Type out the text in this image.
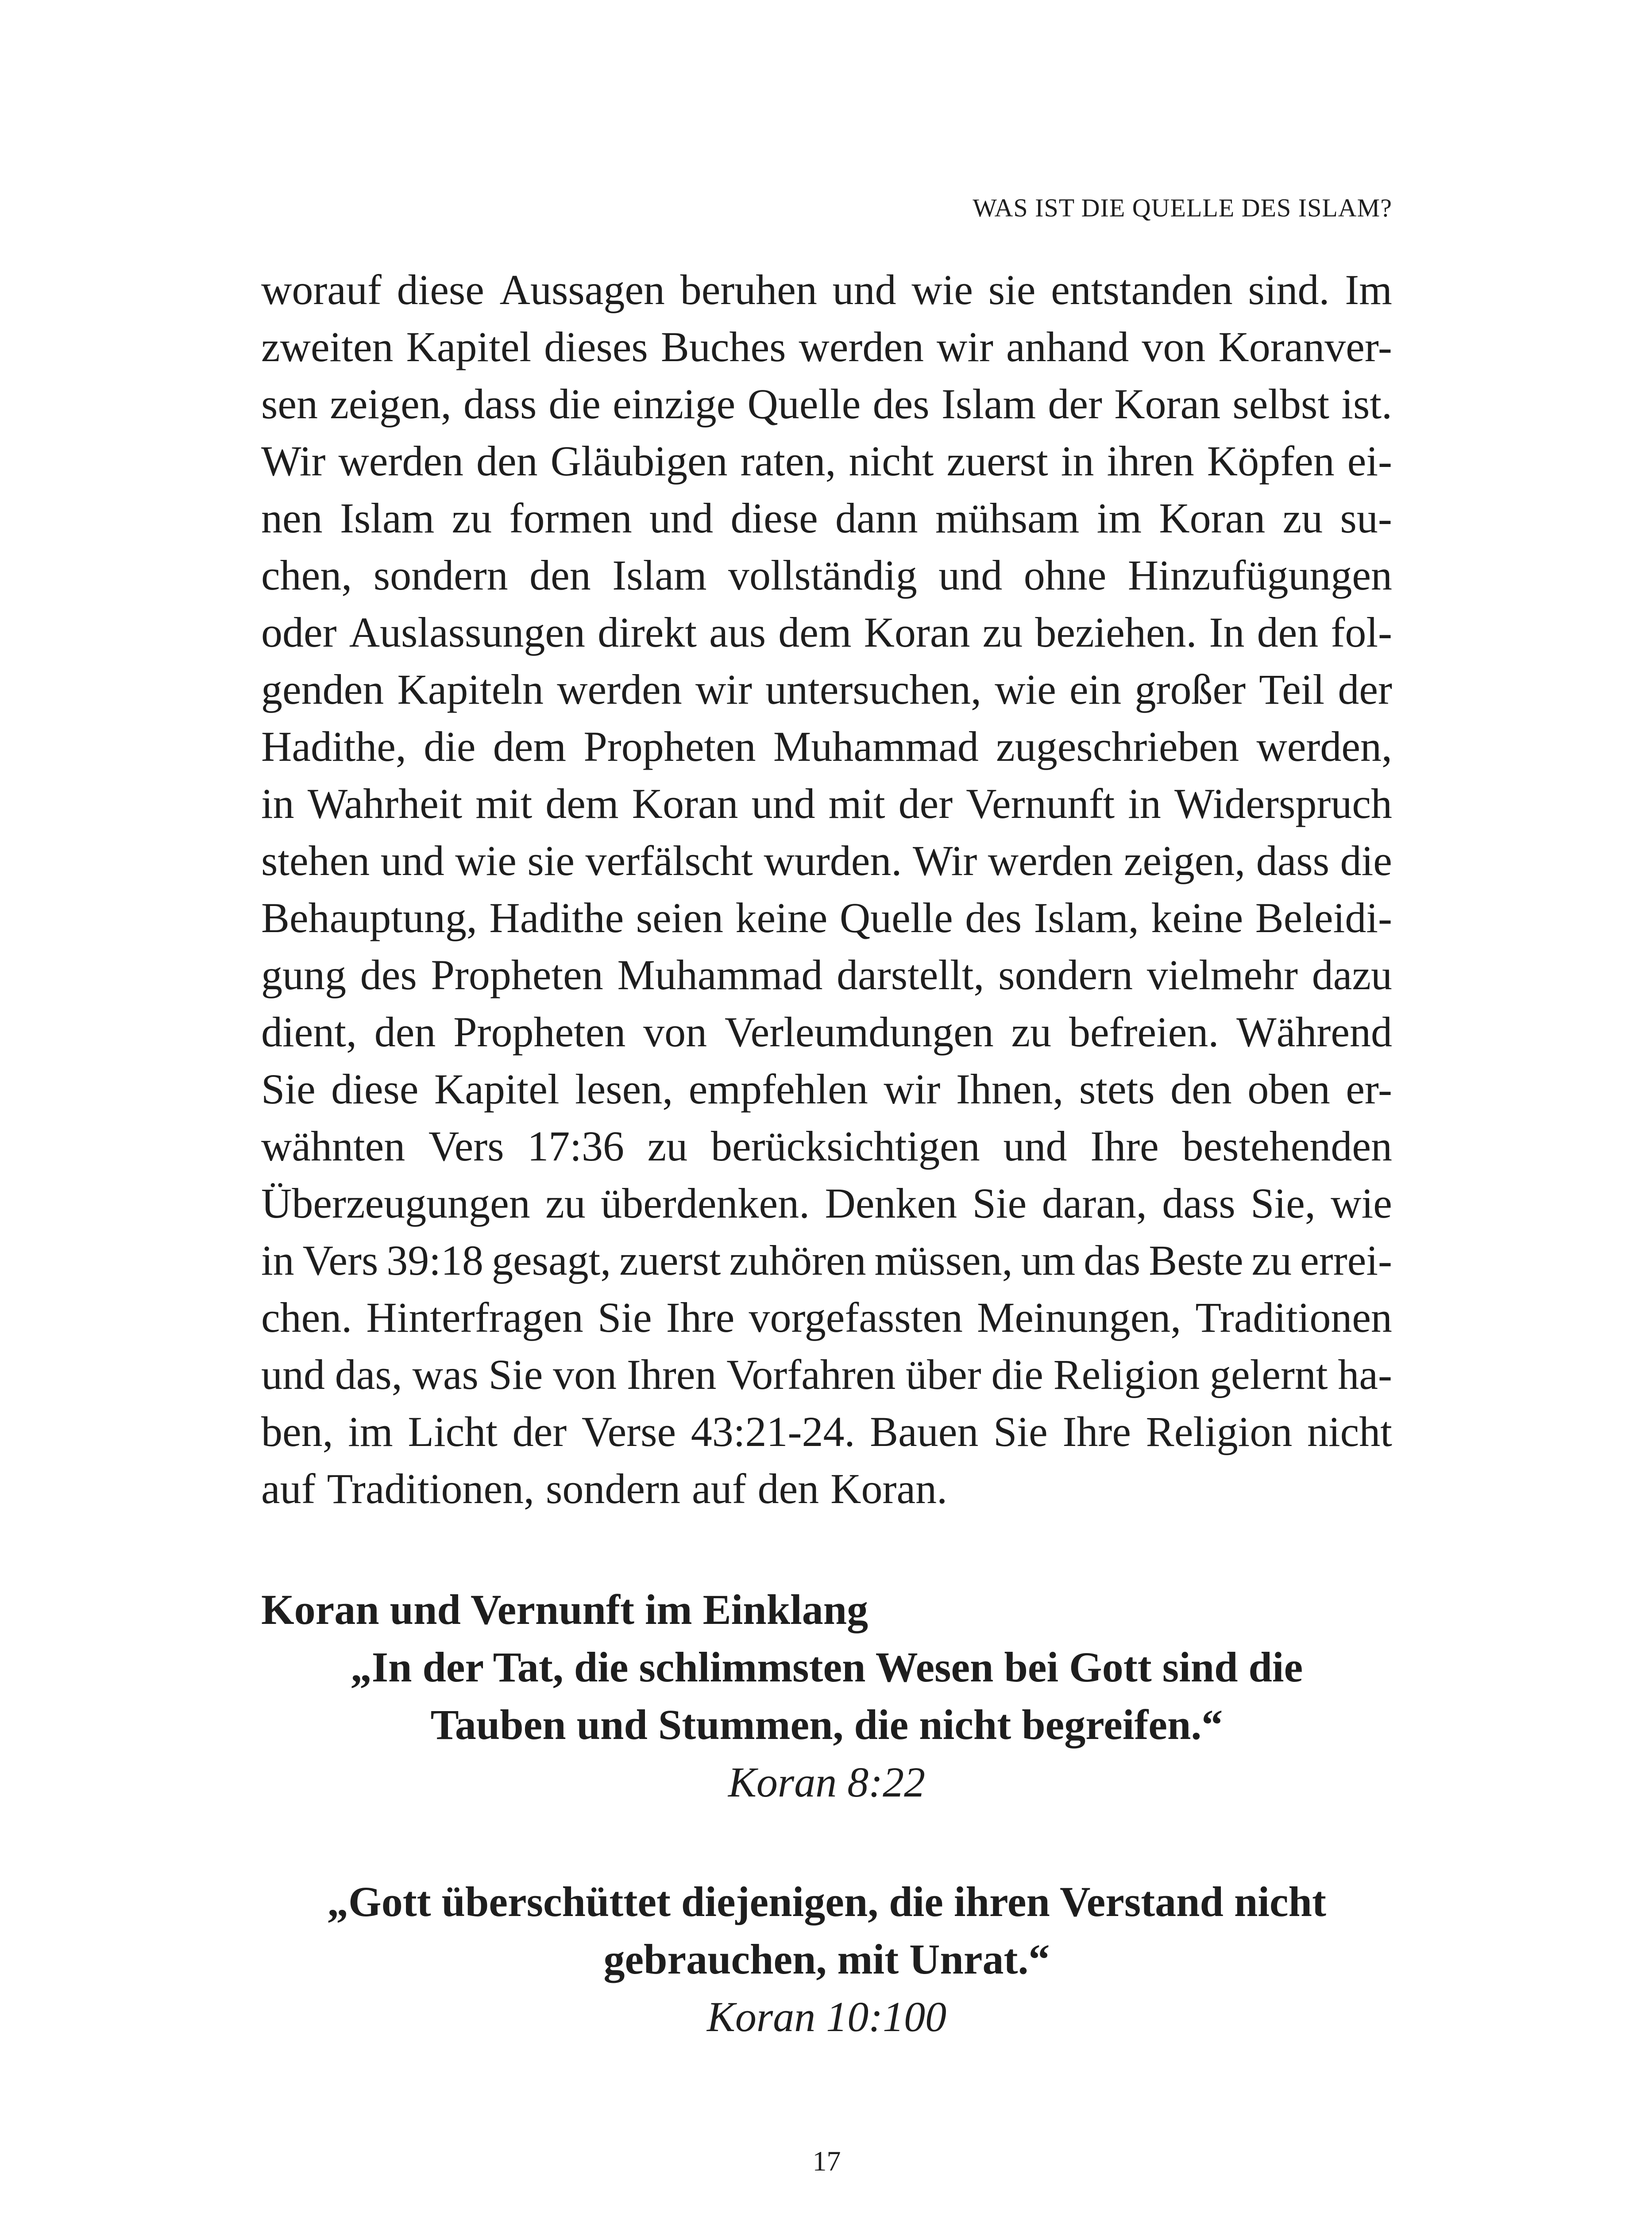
WAS IST DIE QUELLE DES ISLAM?
worauf diese Aussagen beruhen und wie sie entstanden sind. Im
zweiten Kapitel dieses Buches werden wir anhand von Koranver-
sen zeigen, dass die einzige Quelle des Islam der Koran selbst ist.
Wir werden den Gläubigen raten, nicht zuerst in ihren Köpfen ei-
nen Islam zu formen und diese dann mühsam im Koran zu su-
chen, sondern den Islam vollständig und ohne Hinzufügungen
oder Auslassungen direkt aus dem Koran zu beziehen. In den fol-
genden Kapiteln werden wir untersuchen, wie ein großer Teil der
Hadithe, die dem Propheten Muhammad zugeschrieben werden,
in Wahrheit mit dem Koran und mit der Vernunft in Widerspruch
stehen und wie sie verfälscht wurden. Wir werden zeigen, dass die
Behauptung, Hadithe seien keine Quelle des Islam, keine Beleidi-
gung des Propheten Muhammad darstellt, sondern vielmehr dazu
dient, den Propheten von Verleumdungen zu befreien. Während
Sie diese Kapitel lesen, empfehlen wir Ihnen, stets den oben er-
wähnten Vers 17:36 zu berücksichtigen und Ihre bestehenden
Überzeugungen zu überdenken. Denken Sie daran, dass Sie, wie
in Vers 39:18 gesagt, zuerst zuhören müssen, um das Beste zu errei-
chen. Hinterfragen Sie Ihre vorgefassten Meinungen, Traditionen
und das, was Sie von Ihren Vorfahren über die Religion gelernt ha-
ben, im Licht der Verse 43:21-24. Bauen Sie Ihre Religion nicht
auf Traditionen, sondern auf den Koran.
Koran und Vernunft im Einklang
„In der Tat, die schlimmsten Wesen bei Gott sind die
Tauben und Stummen, die nicht begreifen.“
Koran 8:22
„Gott überschüttet diejenigen, die ihren Verstand nicht
gebrauchen, mit Unrat.“
Koran 10:100
17
